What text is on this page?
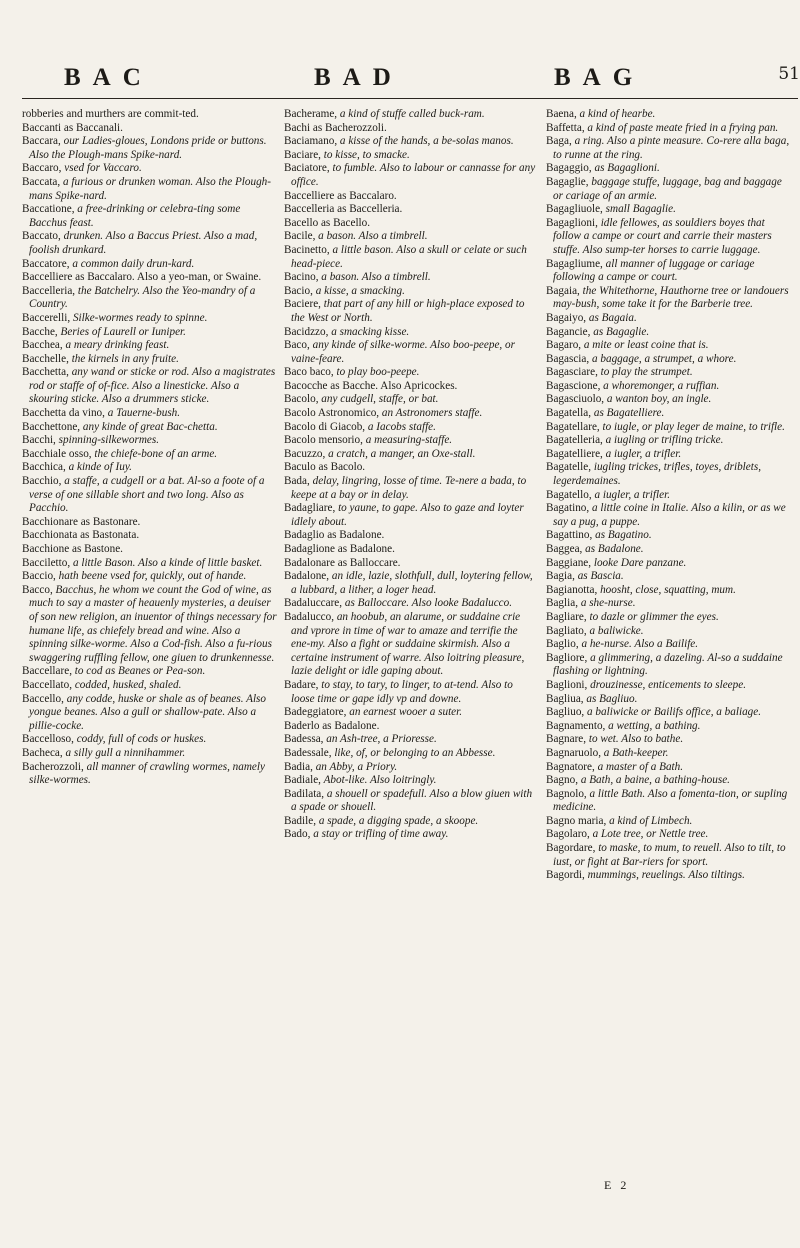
BAC	BAD	BAG	51

robberies and murthers are commit-ted.

Baccanti as Baccanali.

Baccara, our Ladies-gloues, Londons pride or buttons. Also the Plough-mans Spike-nard.

Baccaro, vsed for Vaccaro.

Baccata, a furious or drunken woman. Also the Plough-mans Spike-nard.

Baccatione, a free-drinking or celebra-ting some Bacchus feast.

Baccato, drunken. Also a Baccus Priest. Also a mad, foolish drunkard.

Baccatore, a common daily drun-kard.

Baccelliere as Baccalaro. Also a yeo-man, or Swaine.

Baccelleria, the Batchelry. Also the Yeo-mandry of a Country.

Baccerelli, Silke-wormes ready to spinne.

Bacche, Beries of Laurell or Iuniper.

Bacchea, a meary drinking feast.

Bacchelle, the kirnels in any fruite.

Bacchetta, any wand or sticke or rod. Also a magistrates rod or staffe of of-fice. Also a linesticke. Also a skouring sticke. Also a drummers sticke.

Bacchetta da vino, a Tauerne-bush.

Bacchettone, any kinde of great Bac-chetta.

Bacchi, spinning-silkewormes.

Bacchiale osso, the chiefe-bone of an arme.

Bacchica, a kinde of Iuy.

Bacchio, a staffe, a cudgell or a bat. Al-so a foote of a verse of one sillable short and two long. Also as Pacchio.

Bacchionare as Bastonare.

Bacchionata as Bastonata.

Bacchione as Bastone.

Bacciletto, a little Bason. Also a kinde of little basket.

Baccio, hath beene vsed for, quickly, out of hande.

Bacco, Bacchus, he whom we count the God of wine, as much to say a master of heauenly mysteries, a deuiser of son new religion, an inuentor of things necessary for humane life, as chiefely bread and wine. Also a spinning silke-worme. Also a Cod-fish. Also a fu-rious swaggering ruffling fellow, one giuen to drunkennesse.

Baccellare, to cod as Beanes or Pea-son.

Baccellato, codded, husked, shaled.

Baccello, any codde, huske or shale as of beanes. Also yongue beanes. Also a gull or shallow-pate. Also a pillie-cocke.

Baccelloso, coddy, full of cods or huskes.

Bacheca, a silly gull a ninnihammer.

Bacherozzoli, all manner of crawling wormes, namely silke-wormes.

Bacherame, a kind of stuffe called buck-ram.

Bachi as Bacherozzoli.

Baciamano, a kisse of the hands, a be-solas manos.

Baciare, to kisse, to smacke.

Baciatore, to fumble. Also to labour or cannasse for any office.

Baccelliere as Baccalaro.

Baccelleria as Baccelleria.

Bacello as Bacello.

Bacile, a bason. Also a timbrell.

Bacinetto, a little bason. Also a skull or celate or such head-piece.

Bacino, a bason. Also a timbrell.

Bacio, a kisse, a smacking.

Baciere, that part of any hill or high-place exposed to the West or North.

Bacidzzo, a smacking kisse.

Baco, any kinde of silke-worme. Also boo-peepe, or vaine-feare.

Baco baco, to play boo-peepe.

Bacocche as Bacche. Also Apricockes.

Bacolo, any cudgell, staffe, or bat.

Bacolo Astronomico, an Astronomers staffe.

Bacolo di Giacob, a Iacobs staffe.

Bacolo mensorio, a measuring-staffe.

Bacuzzo, a cratch, a manger, an Oxe-stall.

Baculo as Bacolo.

Bada, delay, lingring, losse of time. Te-nere a bada, to keepe at a bay or in delay.

Badagliare, to yaune, to gape. Also to gaze and loyter idlely about.

Badaglio as Badalone.

Badaglione as Badalone.

Badalonare as Balloccare.

Badalone, an idle, lazie, slothfull, dull, loytering fellow, a lubbard, a lither, a loger head.

Badaluccare, as Balloccare. Also looke Badalucco.

Badalucco, an hoobub, an alarume, or suddaine crie and vprore in time of war to amaze and terrifie the ene-my. Also a fight or suddaine skirmish. Also a certaine instrument of warre. Also loitring pleasure, lazie delight or idle gaping about.

Badare, to stay, to tary, to linger, to at-tend. Also to loose time or gape idly vp and downe.

Badeggiatore, an earnest wooer a suter.

Baderlo as Badalone.

Badessa, an Ash-tree, a Prioresse.

Badessale, like, of, or belonging to an Abbesse.

Badia, an Abby, a Priory.

Badiale, Abot-like. Also loitringly.

Badilata, a shouell or spadefull. Also a blow giuen with a spade or shouell.

Badile, a spade, a digging spade, a skoope.

Bado, a stay or trifling of time away.

Baena, a kind of hearbe.

Baffetta, a kind of paste meate fried in a frying pan.

Baga, a ring. Also a pinte measure. Co-rere alla baga, to runne at the ring.

Bagaggio, as Bagaglioni.

Bagaglie, baggage stuffe, luggage, bag and baggage or cariage of an armie.

Bagagliuole, small Bagaglie.

Bagaglioni, idle fellowes, as souldiers boyes that follow a campe or court and carrie their masters stuffe. Also sump-ter horses to carrie luggage.

Bagagliume, all manner of luggage or cariage following a campe or court.

Bagaia, the Whitethorne, Hauthorne tree or landouers may-bush, some take it for the Barberie tree.

Bagaiyo, as Bagaia.

Bagancie, as Bagaglie.

Bagaro, a mite or least coine that is.

Bagascia, a baggage, a strumpet, a whore.

Bagasciare, to play the strumpet.

Bagascione, a whoremonger, a ruffian.

Bagasciuolo, a wanton boy, an ingle.

Bagatella, as Bagatelliere.

Bagatellare, to iugle, or play leger de maine, to trifle.

Bagatelleria, a iugling or trifling tricke.

Bagatelliere, a iugler, a trifler.

Bagatelle, iugling trickes, trifles, toyes, driblets, legerdemaines.

Bagatello, a iugler, a trifler.

Bagatino, a little coine in Italie. Also a kilin, or as we say a pug, a puppe.

Bagattino, as Bagatino.

Baggea, as Badalone.

Baggiane, looke Dare panzane.

Bagia, as Bascia.

Bagianotta, hoosht, close, squatting, mum.

Baglia, a she-nurse.

Bagliare, to dazle or glimmer the eyes.

Bagliato, a baliwicke.

Baglio, a he-nurse. Also a Bailife.

Bagliore, a glimmering, a dazeling. Al-so a suddaine flashing or lightning.

Baglioni, drouzinesse, enticements to sleepe.

Bagliua, as Bagliuo.

Bagliuo, a baliwicke or Bailifs office, a baliage.

Bagnamento, a wetting, a bathing.

Bagnare, to wet. Also to bathe.

Bagnaruolo, a Bath-keeper.

Bagnatore, a master of a Bath.

Bagno, a Bath, a baine, a bathing-house.

Bagnolo, a little Bath. Also a fomenta-tion, or supling medicine.

Bagno maria, a kind of Limbech.

Bagolaro, a Lote tree, or Nettle tree.

Bagordare, to maske, to mum, to reuell. Also to tilt, to iust, or fight at Bar-riers for sport.

Bagordi, mummings, reuelings. Also tiltings.

E 2
